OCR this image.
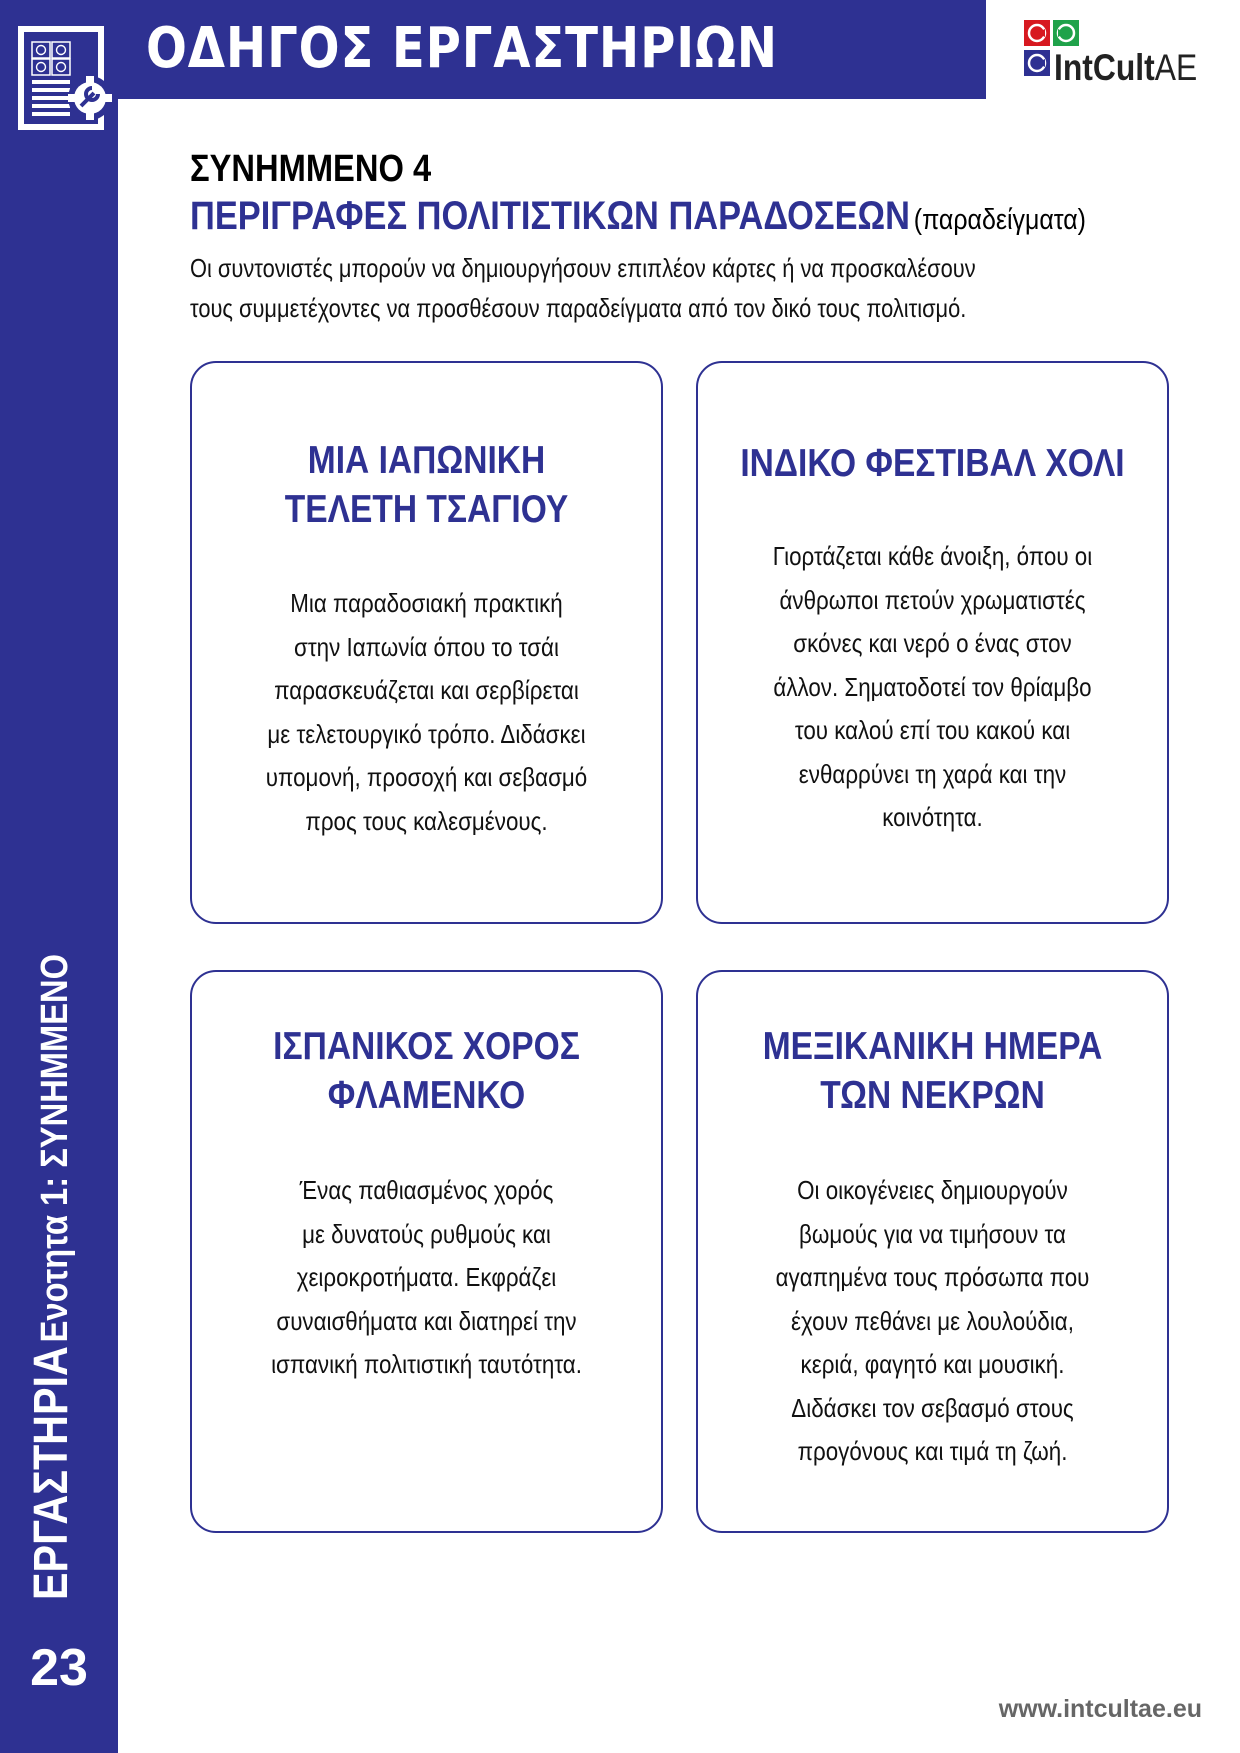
ΟΔΗΓΟΣ ΕΡΓΑΣΤΗΡΙΩΝ	IntCultAE
ΣΥΝΗΜΜΕΝΟ 4
ΠΕΡΙΓΡΑΦΕΣ ΠΟΛΙΤΙΣΤΙΚΩΝ ΠΑΡΑΔΟΣΕΩΝ (παραδείγματα)
Οι συντονιστές μπορούν να δημιουργήσουν επιπλέον κάρτες ή να προσκαλέσουν
τους συμμετέχοντες να προσθέσουν παραδείγματα από τον δικό τους πολιτισμό.
ΜΙΑ ΙΑΠΩΝΙΚΗ
ΤΕΛΕΤΗ ΤΣΑΓΙΟΥ
Μια παραδοσιακή πρακτική
στην Ιαπωνία όπου το τσάι
παρασκευάζεται και σερβίρεται
με τελετουργικό τρόπο. Διδάσκει
υπομονή, προσοχή και σεβασμό
προς τους καλεσμένους.
ΙΝΔΙΚΟ ΦΕΣΤΙΒΑΛ ΧΟΛΙ
Γιορτάζεται κάθε άνοιξη, όπου οι
άνθρωποι πετούν χρωματιστές
σκόνες και νερό ο ένας στον
άλλον. Σηματοδοτεί τον θρίαμβο
του καλού επί του κακού και
ενθαρρύνει τη χαρά και την
κοινότητα.
ΙΣΠΑΝΙΚΟΣ ΧΟΡΟΣ
ΦΛΑΜΕΝΚΟ
Ένας παθιασμένος χορός
με δυνατούς ρυθμούς και
χειροκροτήματα. Εκφράζει
συναισθήματα και διατηρεί την
ισπανική πολιτιστική ταυτότητα.
ΜΕΞΙΚΑΝΙΚΗ ΗΜΕΡΑ
ΤΩΝ ΝΕΚΡΩΝ
Οι οικογένειες δημιουργούν
βωμούς για να τιμήσουν τα
αγαπημένα τους πρόσωπα που
έχουν πεθάνει με λουλούδια,
κεριά, φαγητό και μουσική.
Διδάσκει τον σεβασμό στους
προγόνους και τιμά τη ζωή.
ΕΡΓΑΣΤΗΡΙΑ Ενοτητα 1: ΣΥΝΗΜΜΕΝΟ
23
www.intcultae.eu
